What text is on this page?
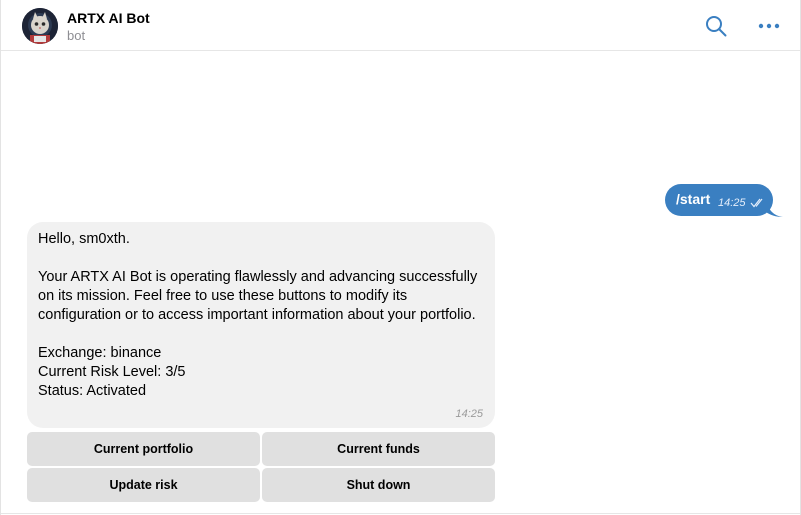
ARTX AI Bot
bot
/start 14:25

Hello, sm0xth.

Your ARTX AI Bot is operating flawlessly and advancing successfully on its mission. Feel free to use these buttons to modify its configuration or to access important information about your portfolio.

Exchange: binance

Current Risk Level: 3/5

Status: Activated

14:25
Current portfolio	Current funds
Update risk	Shut down
